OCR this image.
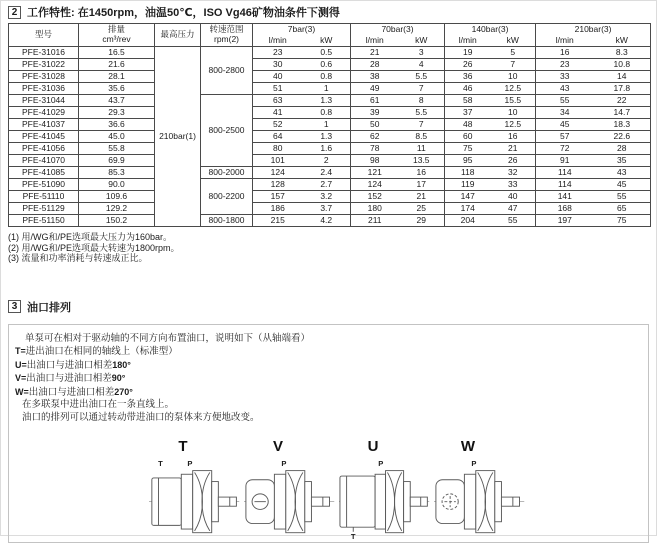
2 工作特性: 在1450rpm，油温50℃，ISO Vg46矿物油条件下测得
型号	排量
cm³/rev	最高压力	转速范围
rpm(2)
	7bar(3)	70bar(3)	140bar(3)	210bar(3)
				l/min	kW	l/min	kW	l/min	kW	l/min	kW
PFE-31016	16.5	210bar(1)	800-2800	23	0.5	21	3	19	5	16	8.3
PFE-31022	21.6			30	0.6	28	4	26	7	23	10.8
PFE-31028	28.1			40	0.8	38	5.5	36	10	33	14
PFE-31036	35.6			51	1	49	7	46	12.5	43	17.8
PFE-31044	43.7		800-2500	63	1.3	61	8	58	15.5	55	22
PFE-41029	29.3			41	0.8	39	5.5	37	10	34	14.7
PFE-41037	36.6			52	1	50	7	48	12.5	45	18.3
PFE-41045	45.0			64	1.3	62	8.5	60	16	57	22.6
PFE-41056	55.8			80	1.6	78	11	75	21	72	28
PFE-41070	69.9			101	2	98	13.5	95	26	91	35
PFE-41085	85.3		800-2000	124	2.4	121	16	118	32	114	43
PFE-51090	90.0		800-2200	128	2.7	124	17	119	33	114	45
PFE-51110	109.6			157	3.2	152	21	147	40	141	55
PFE-51129	129.2			186	3.7	180	25	174	47	168	65
PFE-51150	150.2		800-1800	215	4.2	211	29	204	55	197	75
(1) 用/WG和/PE选项最大压力为160bar。
(2) 用/WG和/PE选项最大转速为1800rpm。
(3) 流量和功率消耗与转速成正比。
3 油口排列
单泵可在相对于驱动轴的不同方向布置油口，说明如下（从轴端看）
T=进出油口在相同的轴线上（标准型）
U=出油口与进油口相差180°
V=出油口与进油口相差90°
W=出油口与进油口相差270°
在多联泵中进出油口在一条直线上。
油口的排列可以通过转动带进油口的泵体来方便地改变。
T
T	P
V
P
U
P
T
W
P
